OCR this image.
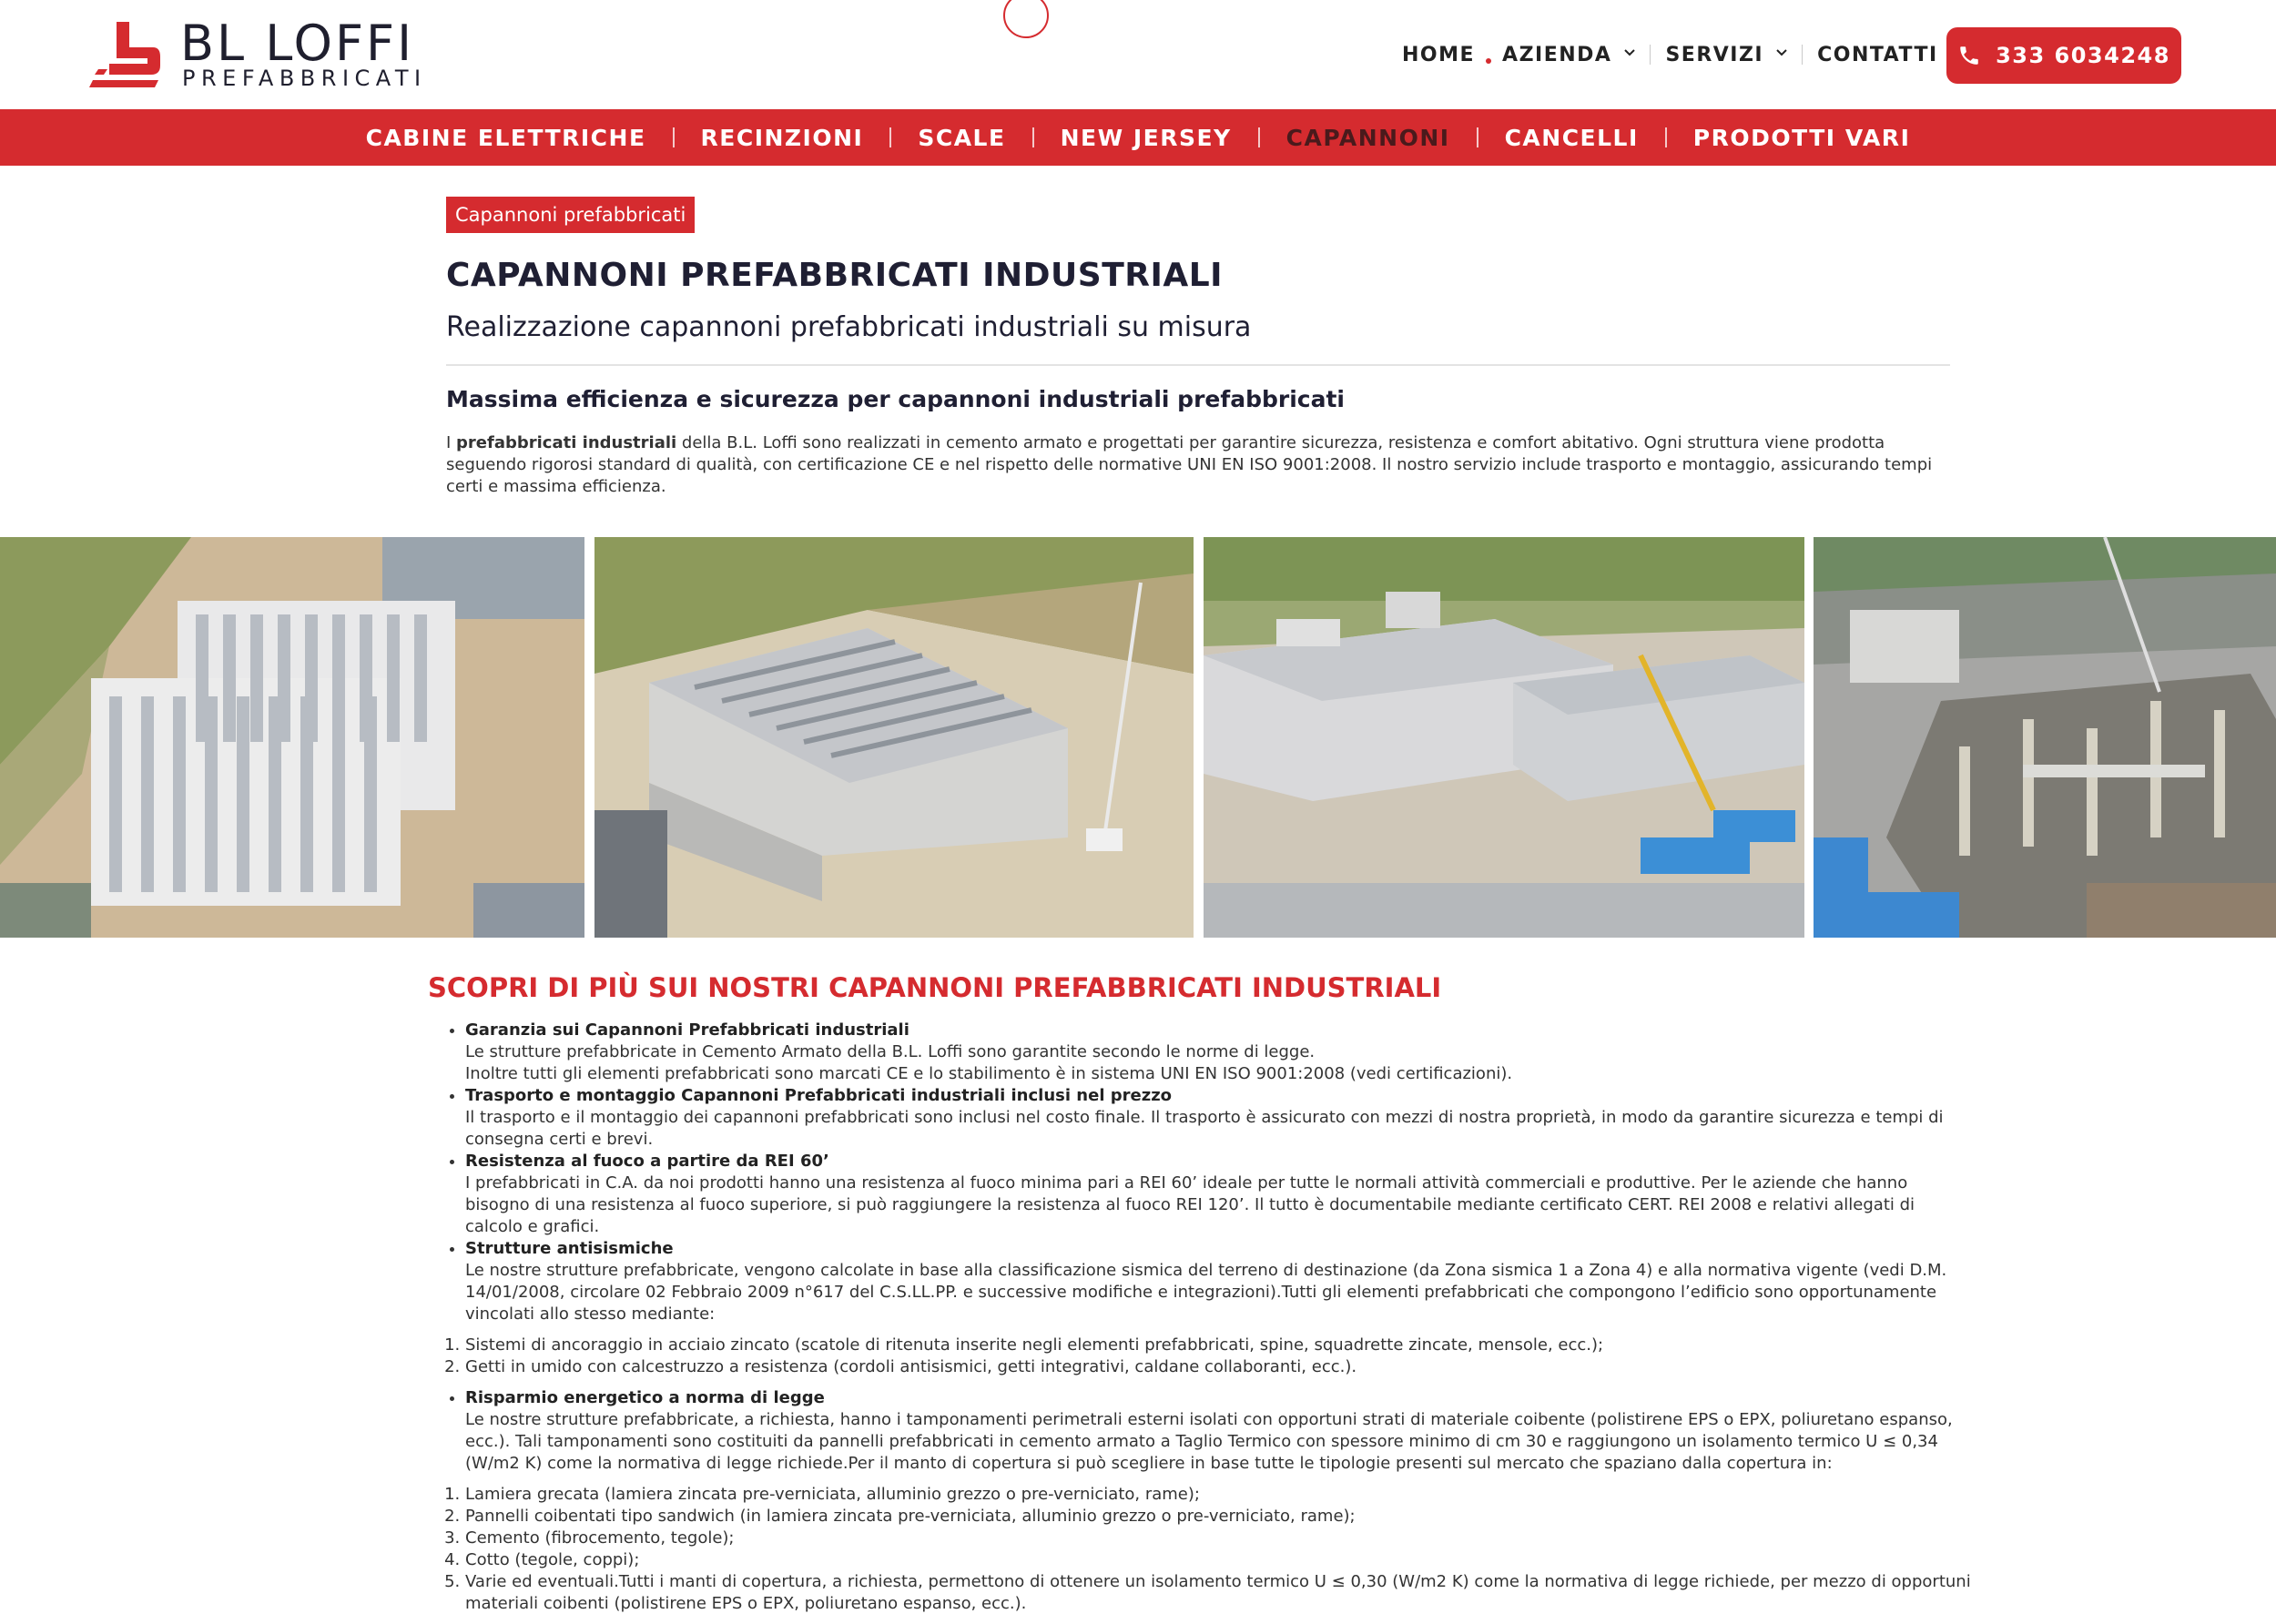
BL LOFFI
PREFABBRICATI
HOME AZIENDA	SERVIZI	CONTATTI	333 6034248
CABINE ELETTRICHE RECINZIONI SCALE NEW JERSEY CAPANNONI CANCELLI PRODOTTI VARI
Capannoni prefabbricati
CAPANNONI PREFABBRICATI INDUSTRIALI
Realizzazione capannoni prefabbricati industriali su misura
Massima efficienza e sicurezza per capannoni industriali prefabbricati

I prefabbricati industriali della B.L. Loffi sono realizzati in cemento armato e progettati per garantire sicurezza, resistenza e comfort abitativo. Ogni struttura viene prodotta seguendo rigorosi standard di qualità, con certificazione CE e nel rispetto delle normative UNI EN ISO 9001:2008. Il nostro servizio include trasporto e montaggio, assicurando tempi certi e massima efficienza.

SCOPRI DI PIÙ SUI NOSTRI CAPANNONI PREFABBRICATI INDUSTRIALI
• Garanzia sui Capannoni Prefabbricati industriali
Le strutture prefabbricate in Cemento Armato della B.L. Loffi sono garantite secondo le norme di legge.
Inoltre tutti gli elementi prefabbricati sono marcati CE e lo stabilimento è in sistema UNI EN ISO 9001:2008 (vedi certificazioni).
• Trasporto e montaggio Capannoni Prefabbricati industriali inclusi nel prezzo
Il trasporto e il montaggio dei capannoni prefabbricati sono inclusi nel costo finale. Il trasporto è assicurato con mezzi di nostra proprietà, in modo da garantire sicurezza e tempi di consegna certi e brevi.
• Resistenza al fuoco a partire da REI 60’
I prefabbricati in C.A. da noi prodotti hanno una resistenza al fuoco minima pari a REI 60’ ideale per tutte le normali attività commerciali e produttive. Per le aziende che hanno bisogno di una resistenza al fuoco superiore, si può raggiungere la resistenza al fuoco REI 120’. Il tutto è documentabile mediante certificato CERT. REI 2008 e relativi allegati di calcolo e grafici.
• Strutture antisismiche
Le nostre strutture prefabbricate, vengono calcolate in base alla classificazione sismica del terreno di destinazione (da Zona sismica 1 a Zona 4) e alla normativa vigente (vedi D.M. 14/01/2008, circolare 02 Febbraio 2009 n°617 del C.S.LL.PP. e successive modifiche e integrazioni).Tutti gli elementi prefabbricati che compongono l’edificio sono opportunamente vincolati allo stesso mediante:
1. Sistemi di ancoraggio in acciaio zincato (scatole di ritenuta inserite negli elementi prefabbricati, spine, squadrette zincate, mensole, ecc.);
2. Getti in umido con calcestruzzo a resistenza (cordoli antisismici, getti integrativi, caldane collaboranti, ecc.).
• Risparmio energetico a norma di legge
Le nostre strutture prefabbricate, a richiesta, hanno i tamponamenti perimetrali esterni isolati con opportuni strati di materiale coibente (polistirene EPS o EPX, poliuretano espanso, ecc.). Tali tamponamenti sono costituiti da pannelli prefabbricati in cemento armato a Taglio Termico con spessore minimo di cm 30 e raggiungono un isolamento termico U ≤ 0,34 (W/m2 K) come la normativa di legge richiede.Per il manto di copertura si può scegliere in base tutte le tipologie presenti sul mercato che spaziano dalla copertura in:
1. Lamiera grecata (lamiera zincata pre-verniciata, alluminio grezzo o pre-verniciato, rame);
2. Pannelli coibentati tipo sandwich (in lamiera zincata pre-verniciata, alluminio grezzo o pre-verniciato, rame);
3. Cemento (fibrocemento, tegole);
4. Cotto (tegole, coppi);
5. Varie ed eventuali.Tutti i manti di copertura, a richiesta, permettono di ottenere un isolamento termico U ≤ 0,30 (W/m2 K) come la normativa di legge richiede, per mezzo di opportuni materiali coibenti (polistirene EPS o EPX, poliuretano espanso, ecc.).
